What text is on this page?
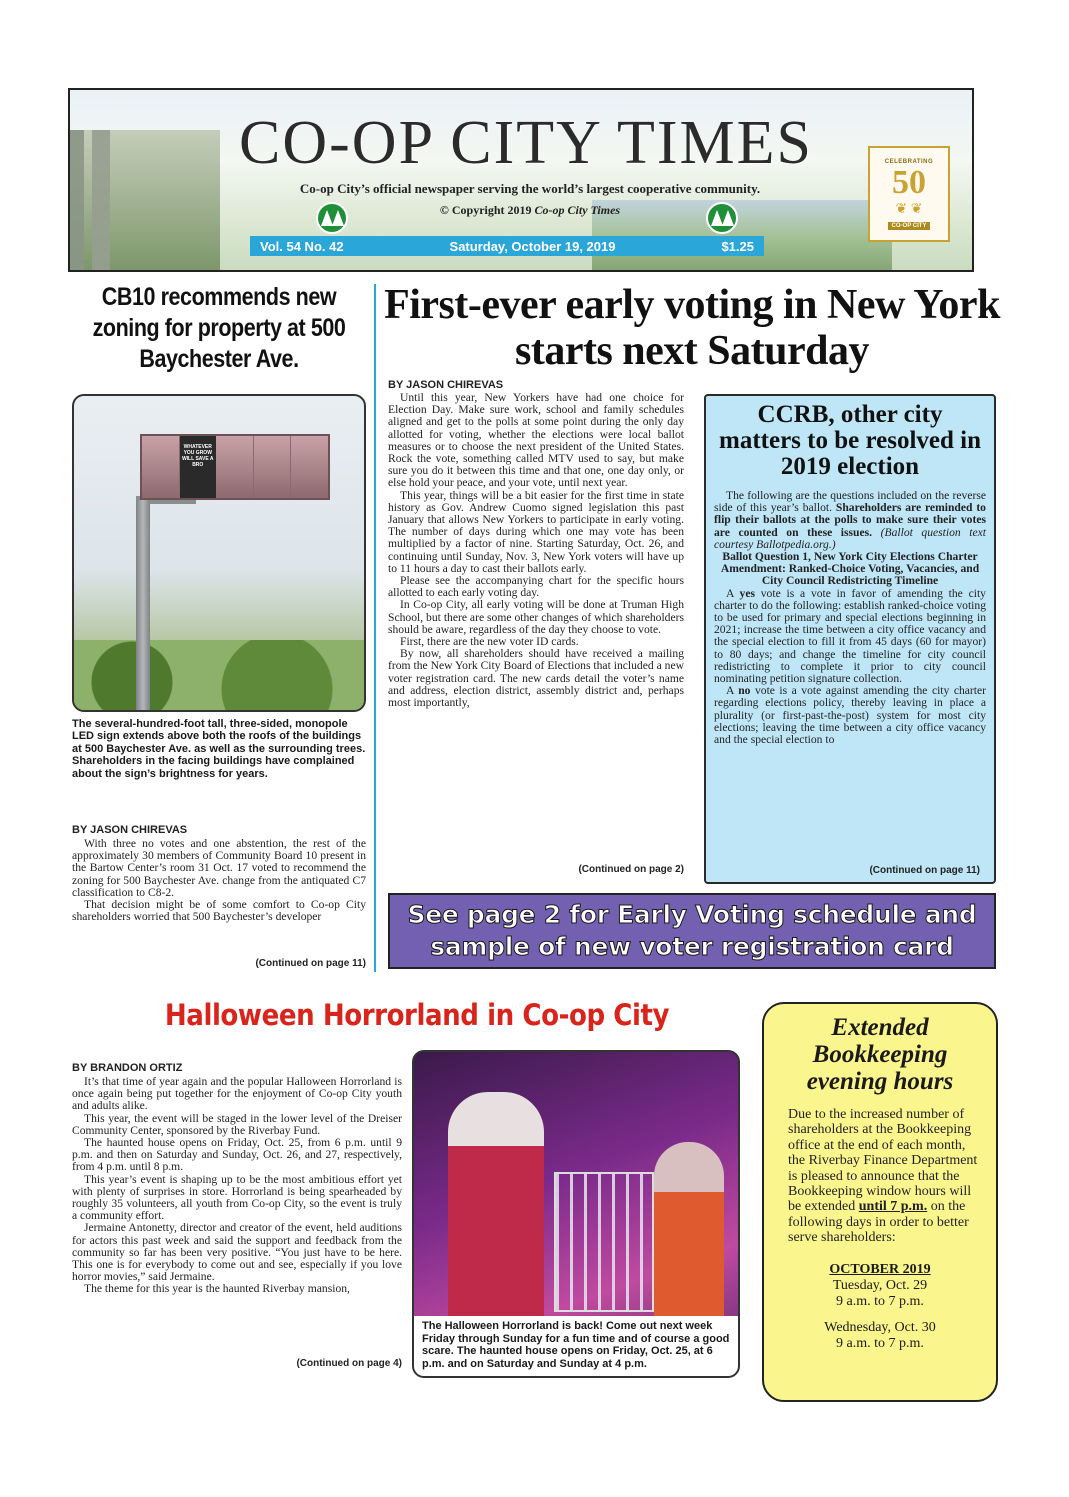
CO-OP CITY TIMES
Co-op City’s official newspaper serving the world’s largest cooperative community.
© Copyright 2019 Co-op City Times
Vol. 54 No. 42	Saturday, October 19, 2019	$1.25
CELEBRATING
50
❦ ❦
CO-OP CITY
CB10 recommends new zoning for property at 500 Baychester Ave.
WHATEVER YOU GROW WILL SAVE A BRO
The several-hundred-foot tall, three-sided, monopole LED sign extends above both the roofs of the buildings at 500 Baychester Ave. as well as the surrounding trees. Shareholders in the facing buildings have complained about the sign’s brightness for years.
BY JASON CHIREVAS

With three no votes and one abstention, the rest of the approximately 30 members of Community Board 10 present in the Bartow Center’s room 31 Oct. 17 voted to recommend the zoning for 500 Baychester Ave. change from the antiquated C7 classification to C8-2.

That decision might be of some comfort to Co-op City shareholders worried that 500 Baychester’s developer

(Continued on page 11)
First-ever early voting in New York starts next Saturday
BY JASON CHIREVAS

Until this year, New Yorkers have had one choice for Election Day. Make sure work, school and family schedules aligned and get to the polls at some point during the only day allotted for voting, whether the elections were local ballot measures or to choose the next president of the United States. Rock the vote, something called MTV used to say, but make sure you do it between this time and that one, one day only, or else hold your peace, and your vote, until next year.

This year, things will be a bit easier for the first time in state history as Gov. Andrew Cuomo signed legislation this past January that allows New Yorkers to participate in early voting. The number of days during which one may vote has been multiplied by a factor of nine. Starting Saturday, Oct. 26, and continuing until Sunday, Nov. 3, New York voters will have up to 11 hours a day to cast their ballots early.

Please see the accompanying chart for the specific hours allotted to each early voting day.

In Co-op City, all early voting will be done at Truman High School, but there are some other changes of which shareholders should be aware, regardless of the day they choose to vote.

First, there are the new voter ID cards.

By now, all shareholders should have received a mailing from the New York City Board of Elections that included a new voter registration card. The new cards detail the voter’s name and address, election district, assembly district and, perhaps most importantly,

(Continued on page 2)
CCRB, other city matters to be resolved in 2019 election

The following are the questions included on the reverse side of this year’s ballot. Shareholders are reminded to flip their ballots at the polls to make sure their votes are counted on these issues. (Ballot question text courtesy Ballotpedia.org.)

Ballot Question 1, New York City Elections Charter Amendment: Ranked-Choice Voting, Vacancies, and City Council Redistricting Timeline

A yes vote is a vote in favor of amending the city charter to do the following: establish ranked-choice voting to be used for primary and special elections beginning in 2021; increase the time between a city office vacancy and the special election to fill it from 45 days (60 for mayor) to 80 days; and change the timeline for city council redistricting to complete it prior to city council nominating petition signature collection.

A no vote is a vote against amending the city charter regarding elections policy, thereby leaving in place a plurality (or first-past-the-post) system for most city elections; leaving the time between a city office vacancy and the special election to

(Continued on page 11)
See page 2 for Early Voting schedule and
sample of new voter registration card
Halloween Horrorland in Co-op City
BY BRANDON ORTIZ

It’s that time of year again and the popular Halloween Horrorland is once again being put together for the enjoyment of Co-op City youth and adults alike.

This year, the event will be staged in the lower level of the Dreiser Community Center, sponsored by the Riverbay Fund.

The haunted house opens on Friday, Oct. 25, from 6 p.m. until 9 p.m. and then on Saturday and Sunday, Oct. 26, and 27, respectively, from 4 p.m. until 8 p.m.

This year’s event is shaping up to be the most ambitious effort yet with plenty of surprises in store. Horrorland is being spearheaded by roughly 35 volunteers, all youth from Co-op City, so the event is truly a community effort.

Jermaine Antonetty, director and creator of the event, held auditions for actors this past week and said the support and feedback from the community so far has been very positive. “You just have to be here. This one is for everybody to come out and see, especially if you love horror movies,” said Jermaine.

The theme for this year is the haunted Riverbay mansion,

(Continued on page 4)
The Halloween Horrorland is back! Come out next week Friday through Sunday for a fun time and of course a good scare. The haunted house opens on Friday, Oct. 25, at 6 p.m. and on Saturday and Sunday at 4 p.m.
Extended Bookkeeping evening hours
Due to the increased number of shareholders at the Bookkeeping office at the end of each month, the Riverbay Finance Department is pleased to announce that the Bookkeeping window hours will be extended until 7 p.m. on the following days in order to better serve shareholders:
OCTOBER 2019
Tuesday, Oct. 29
9 a.m. to 7 p.m.
Wednesday, Oct. 30
9 a.m. to 7 p.m.
